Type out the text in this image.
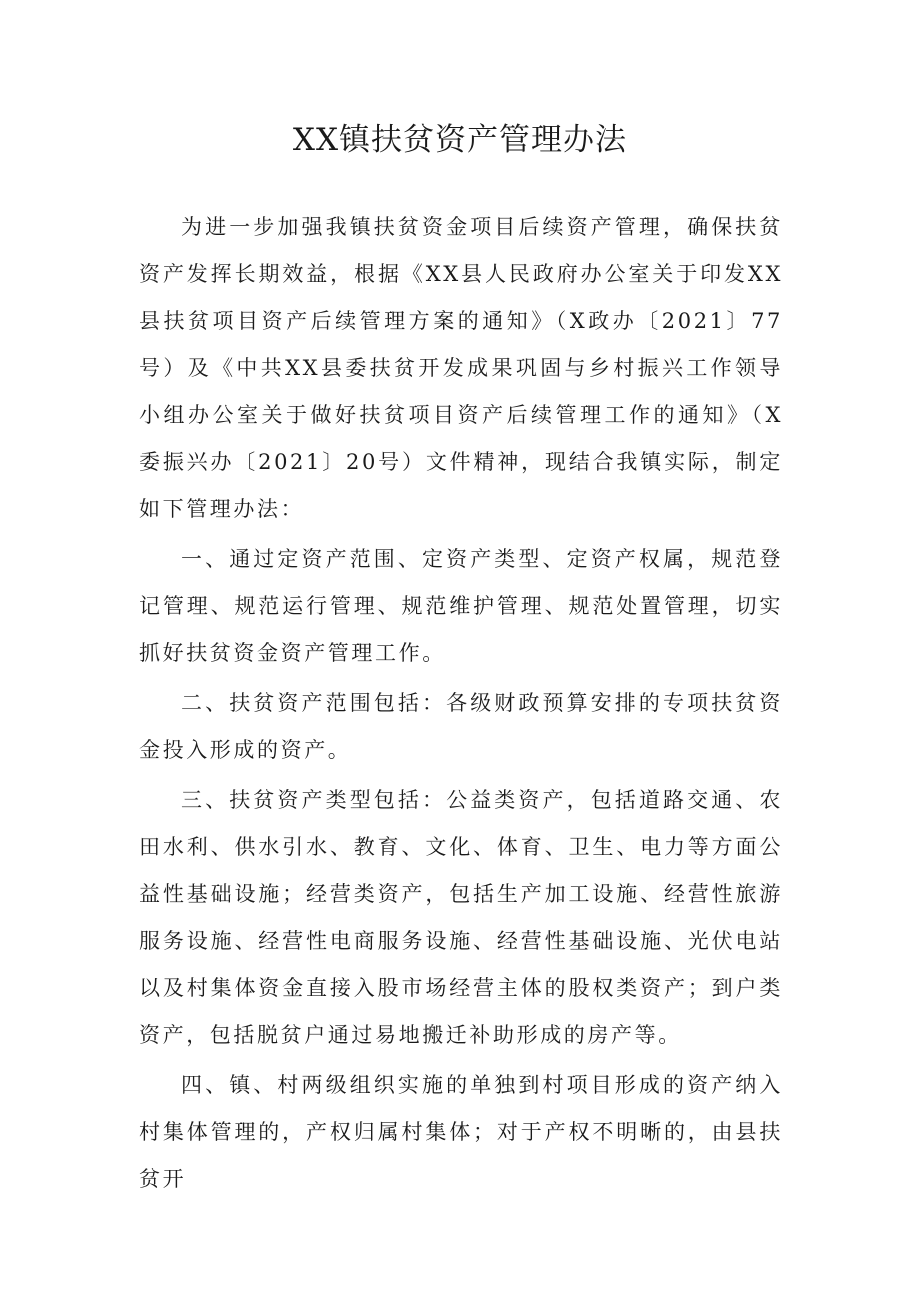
XX镇扶贫资产管理办法

为进一步加强我镇扶贫资金项目后续资产管理，确保扶贫资产发挥长期效益，根据《XX县人民政府办公室关于印发XX县扶贫项目资产后续管理方案的通知》（X政办〔2021〕77号）及《中共XX县委扶贫开发成果巩固与乡村振兴工作领导小组办公室关于做好扶贫项目资产后续管理工作的通知》（X委振兴办〔2021〕20号）文件精神，现结合我镇实际，制定如下管理办法：

一、通过定资产范围、定资产类型、定资产权属，规范登记管理、规范运行管理、规范维护管理、规范处置管理，切实抓好扶贫资金资产管理工作。

二、扶贫资产范围包括：各级财政预算安排的专项扶贫资金投入形成的资产。

三、扶贫资产类型包括：公益类资产，包括道路交通、农田水利、供水引水、教育、文化、体育、卫生、电力等方面公益性基础设施；经营类资产，包括生产加工设施、经营性旅游服务设施、经营性电商服务设施、经营性基础设施、光伏电站以及村集体资金直接入股市场经营主体的股权类资产；到户类资产，包括脱贫户通过易地搬迁补助形成的房产等。

四、镇、村两级组织实施的单独到村项目形成的资产纳入村集体管理的，产权归属村集体；对于产权不明晰的，由县扶贫开
